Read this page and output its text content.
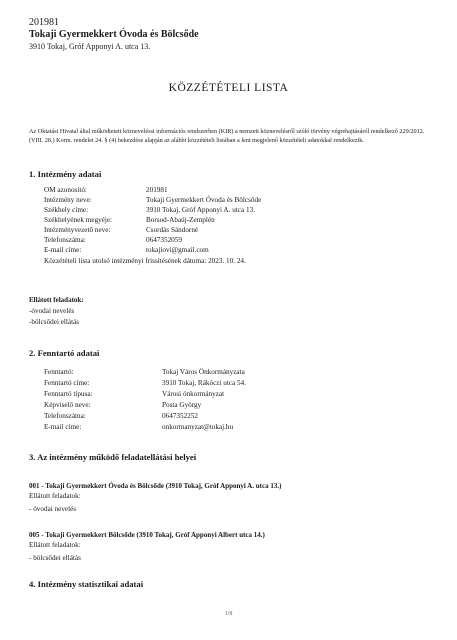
201981
Tokaji Gyermekkert Óvoda és Bölcsőde
3910 Tokaj, Gróf Apponyi A. utca 13.
KÖZZÉTÉTELI LISTA
Az Oktatási Hivatal által működtetett közneveléssi információs rendszerben (KIR) a nemzeti köznevelésről szóló törvény végrehajtásáról rendelkező 229/2012. (VIII. 28.) Korm. rendelet 24. § (4) bekezdése alapján az alábbi közzétételi listában a lent megjelenő közzétételi adatokkal rendelkezik.
1. Intézmény adatai
OM azonosító:	201981
Intézmény neve:	Tokaji Gyermekkert Óvoda és Bölcsőde
Székhely címe:	3910 Tokaj, Gróf Apponyi A. utca 13.
Székhelyének megyéje:	Borsod-Abaúj-Zemplén
Intézményvezető neve:	Csordás Sándorné
Telefonszáma:	0647352059
E-mail címe:	tokajiovi@gmail.com
Közzétételi lista utolsó intézményi frissítésének dátuma: 2023. 10. 24.
Ellátott feladatok:
-óvodai nevelés
-bölcsődei ellátás
2. Fenntartó adatai
Fenntartó:	Tokaj Város Önkormányzata
Fenntartó címe:	3910 Tokaj, Rákóczi utca 54.
Fenntartó típusa:	Városi önkormányzat
Képviselő neve:	Posta György
Telefonszáma:	0647352252
E-mail címe:	onkormanyzat@tokaj.hu
3. Az intézmény működő feladatellátási helyei
001 - Tokaji Gyermekkert Óvoda és Bölcsőde (3910 Tokaj, Gróf Apponyi A. utca 13.)
Ellátott feladatok:
- óvodai nevelés
005 - Tokaji Gyermekkert Bölcsőde (3910 Tokaj, Gróf Apponyi Albert utca 14.)
Ellátott feladatok:
- bölcsődei ellátás
4. Intézmény statisztikai adatai
1/9
